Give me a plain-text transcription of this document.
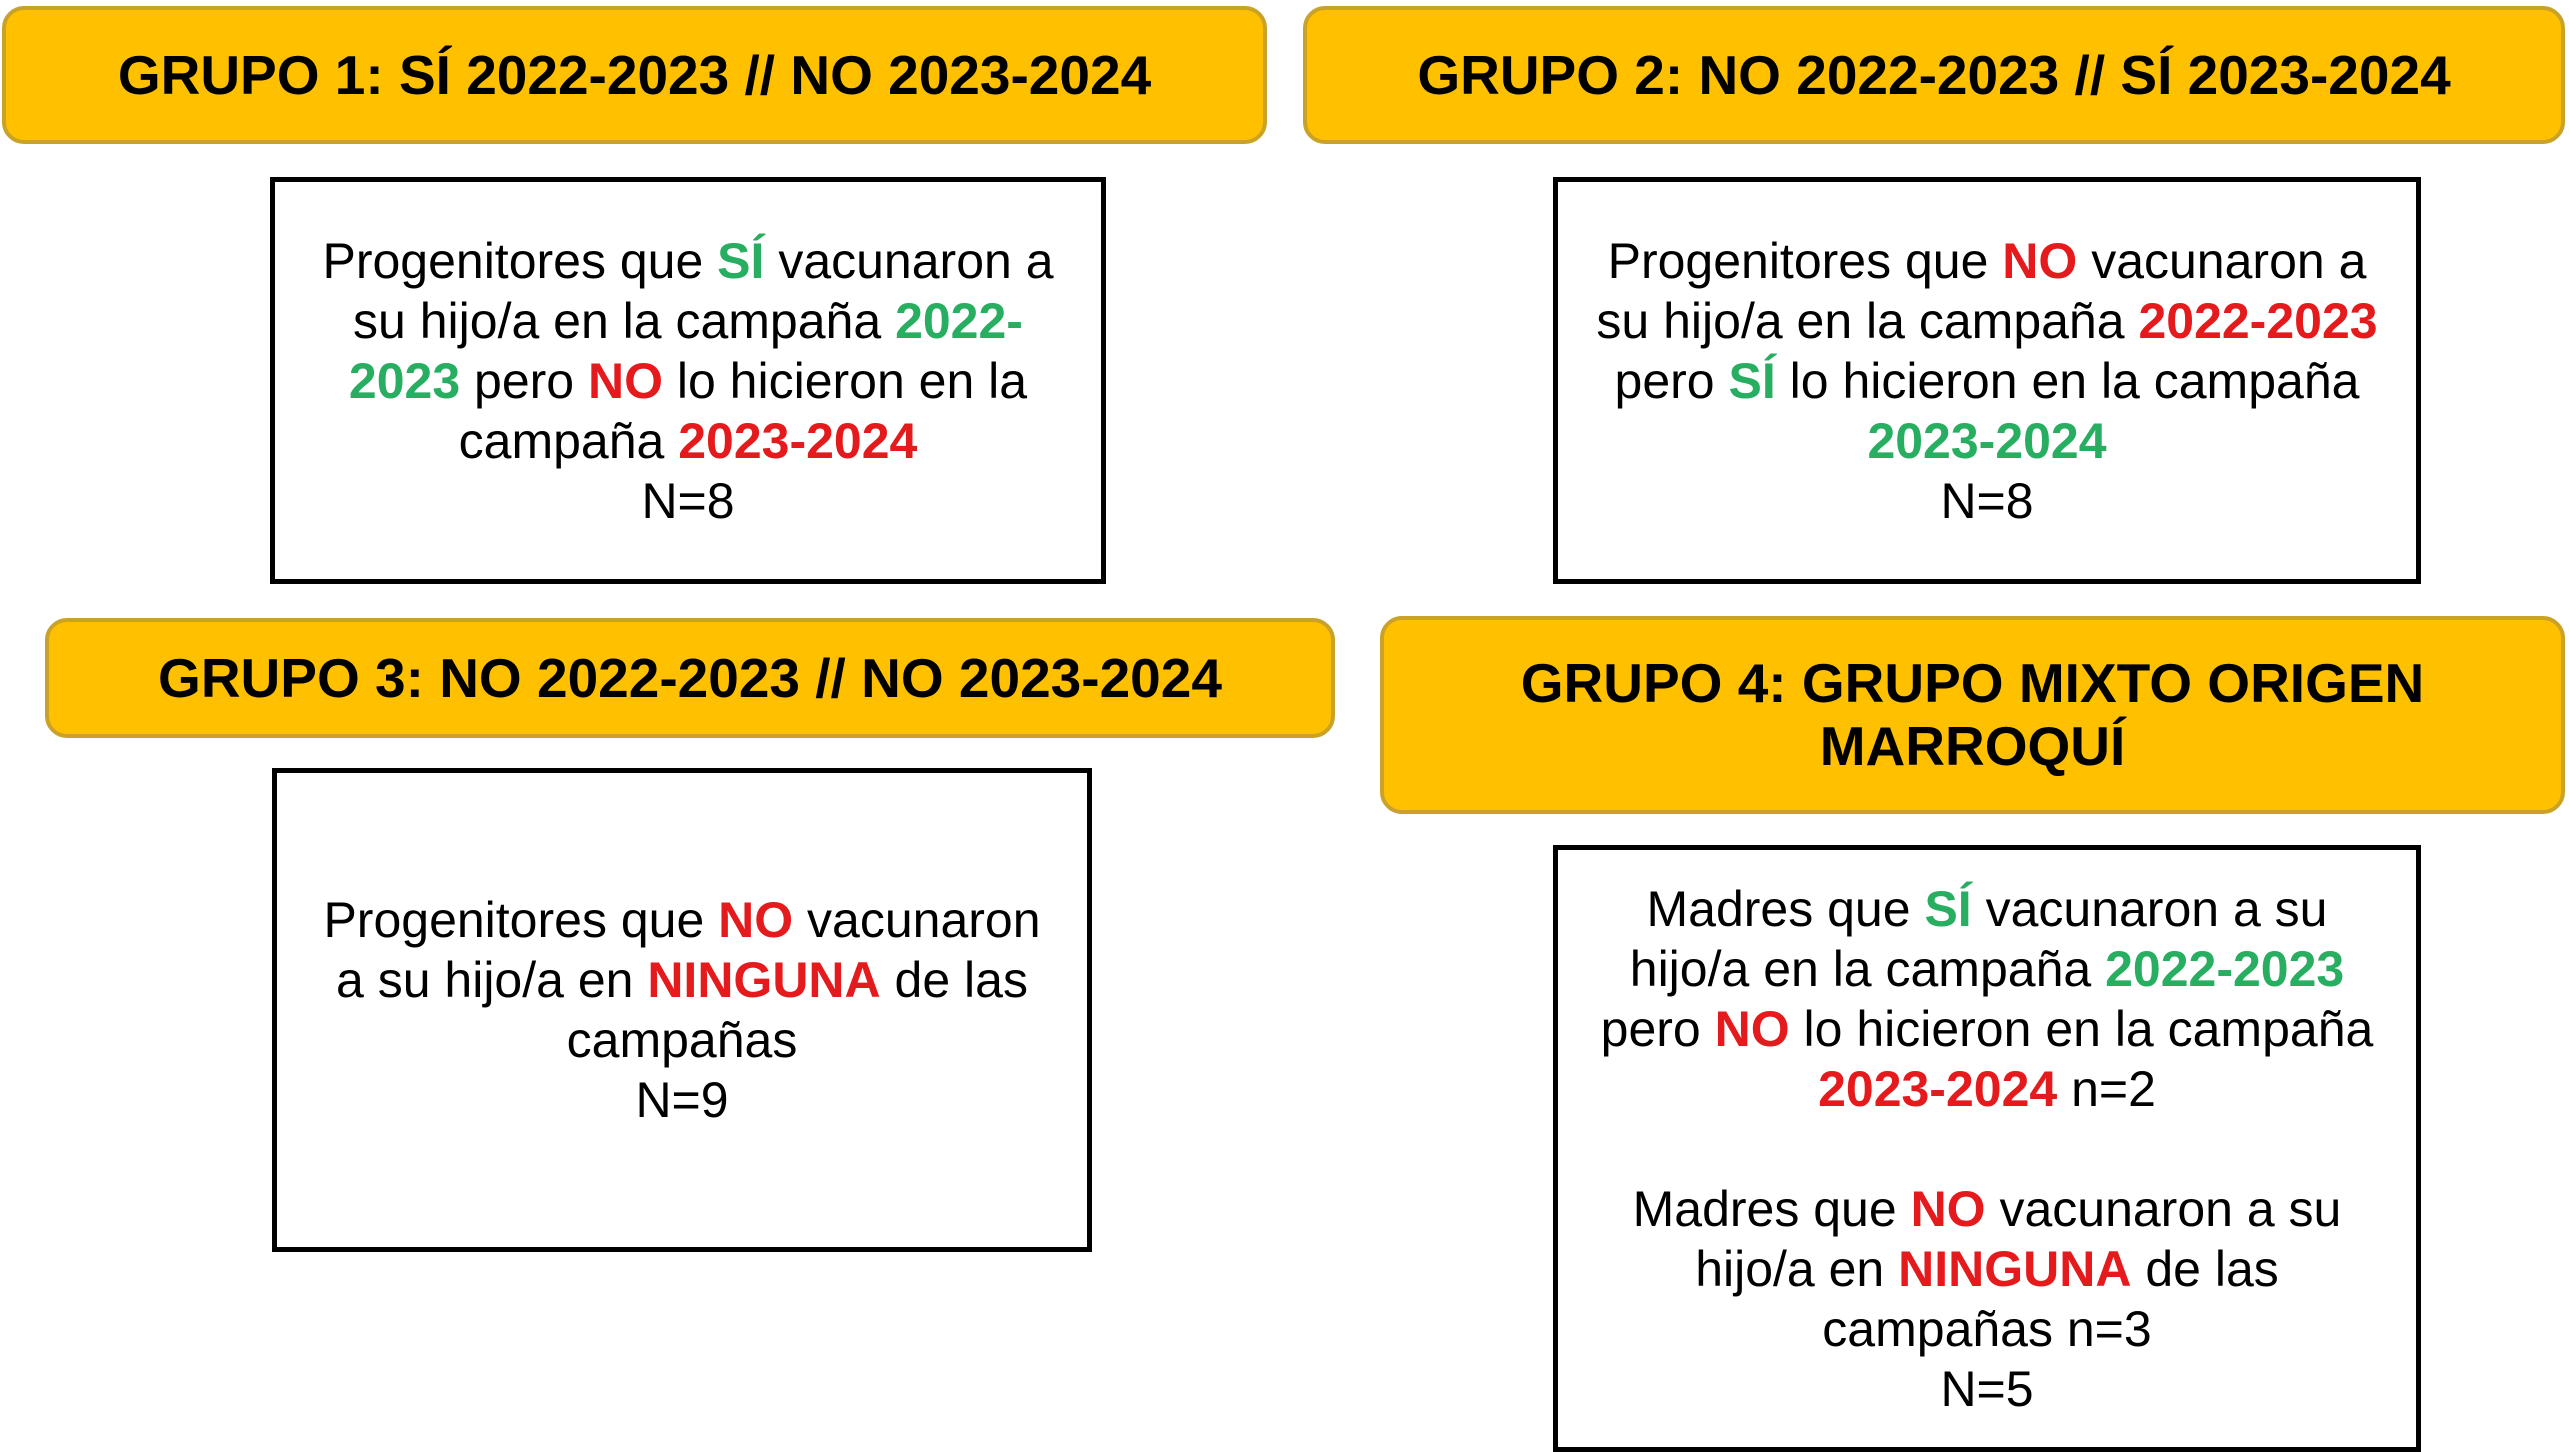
GRUPO 1: SÍ 2022-2023 // NO 2023-2024
Progenitores que SÍ vacunaron a su hijo/a en la campaña 2022-2023 pero NO lo hicieron en la campaña 2023-2024
N=8
GRUPO 2: NO 2022-2023 // SÍ 2023-2024
Progenitores que NO vacunaron a su hijo/a en la campaña 2022-2023 pero SÍ lo hicieron en la campaña 2023-2024
N=8
GRUPO 3: NO 2022-2023 // NO 2023-2024
Progenitores que NO vacunaron a su hijo/a en NINGUNA de las campañas
N=9
GRUPO 4: GRUPO MIXTO ORIGEN MARROQUÍ
Madres que SÍ vacunaron a su hijo/a en la campaña 2022-2023 pero NO lo hicieron en la campaña 2023-2024 n=2
Madres que NO vacunaron a su hijo/a en NINGUNA de las campañas n=3
N=5
